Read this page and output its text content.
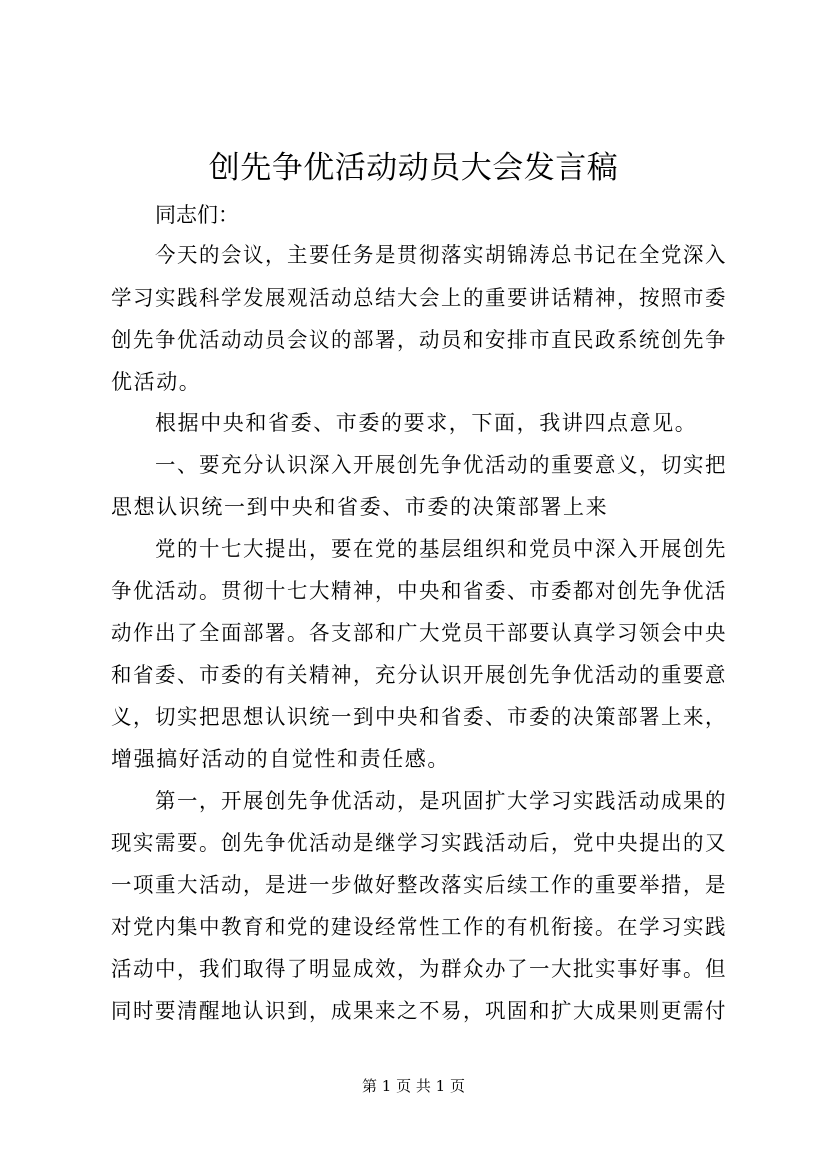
创先争优活动动员大会发言稿
同志们：
今天的会议，主要任务是贯彻落实胡锦涛总书记在全党深入
学习实践科学发展观活动总结大会上的重要讲话精神，按照市委
创先争优活动动员会议的部署，动员和安排市直民政系统创先争
优活动。
根据中央和省委、市委的要求，下面，我讲四点意见。
一、要充分认识深入开展创先争优活动的重要意义，切实把
思想认识统一到中央和省委、市委的决策部署上来
党的十七大提出，要在党的基层组织和党员中深入开展创先
争优活动。贯彻十七大精神，中央和省委、市委都对创先争优活
动作出了全面部署。各支部和广大党员干部要认真学习领会中央
和省委、市委的有关精神，充分认识开展创先争优活动的重要意
义，切实把思想认识统一到中央和省委、市委的决策部署上来，
增强搞好活动的自觉性和责任感。
第一，开展创先争优活动，是巩固扩大学习实践活动成果的
现实需要。创先争优活动是继学习实践活动后，党中央提出的又
一项重大活动，是进一步做好整改落实后续工作的重要举措，是
对党内集中教育和党的建设经常性工作的有机衔接。在学习实践
活动中，我们取得了明显成效，为群众办了一大批实事好事。但
同时要清醒地认识到，成果来之不易，巩固和扩大成果则更需付
第 1 页 共 1 页
